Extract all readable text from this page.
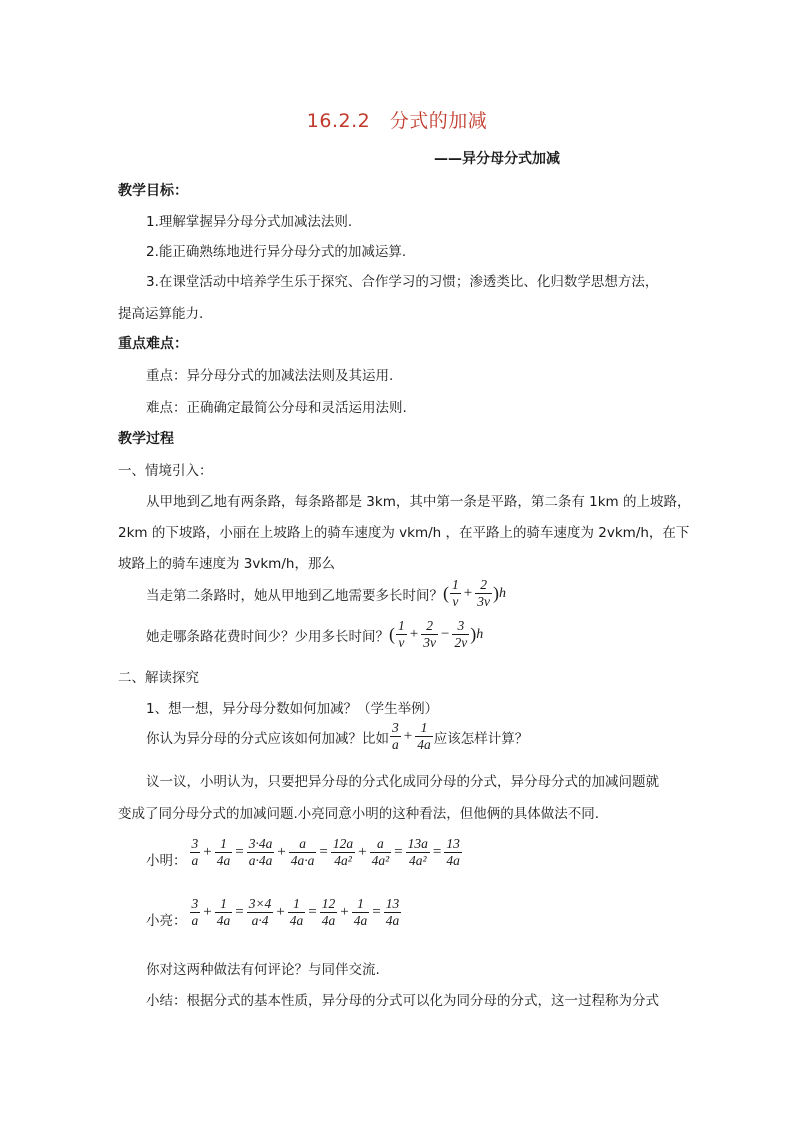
16.2.2　分式的加减
——异分母分式加减
教学目标：
1.理解掌握异分母分式加减法法则.
2.能正确熟练地进行异分母分式的加减运算.
3.在课堂活动中培养学生乐于探究、合作学习的习惯；渗透类比、化归数学思想方法，
提高运算能力.
重点难点：
重点：异分母分式的加减法法则及其运用.
难点：正确确定最简公分母和灵活运用法则.
教学过程
一、情境引入：
从甲地到乙地有两条路，每条路都是 3km，其中第一条是平路，第二条有 1km 的上坡路，
2km 的下坡路，小丽在上坡路上的骑车速度为 vkm/h ，在平路上的骑车速度为 2vkm/h，在下
坡路上的骑车速度为 3vkm/h，那么
当走第二条路时，她从甲地到乙地需要多长时间？ ( $\frac{1}{v} + \frac{2}{3v}$ ) h
她走哪条路花费时间少？少用多长时间？ ( $\frac{1}{v} + \frac{2}{3v} - \frac{3}{2v}$ ) h
二、解读探究
1、想一想，异分母分数如何加减？（学生举例）
你认为异分母的分式应该如何加减？比如 $\frac{3}{a} + \frac{1}{4a}$ 应该怎样计算？
议一议，小明认为，只要把异分母的分式化成同分母的分式，异分母分式的加减问题就
变成了同分母分式的加减问题.小亮同意小明的这种看法，但他俩的具体做法不同.
小明： $\frac{3}{a} + \frac{1}{4a} = \frac{3\cdot 4a}{a\cdot 4a} + \frac{a}{4a\cdot a} = \frac{12a}{\text{4a²}} + \frac{a}{\text{4a²}} = \frac{13a}{\text{4a²}} = \frac{13}{4a}$
小亮： $\frac{3}{a} + \frac{1}{4a} = \frac{3\times 4}{a\cdot 4} + \frac{1}{4a} = \frac{12}{4a} + \frac{1}{4a} = \frac{13}{4a}$
你对这两种做法有何评论？与同伴交流.
小结：根据分式的基本性质，异分母的分式可以化为同分母的分式，这一过程称为分式
